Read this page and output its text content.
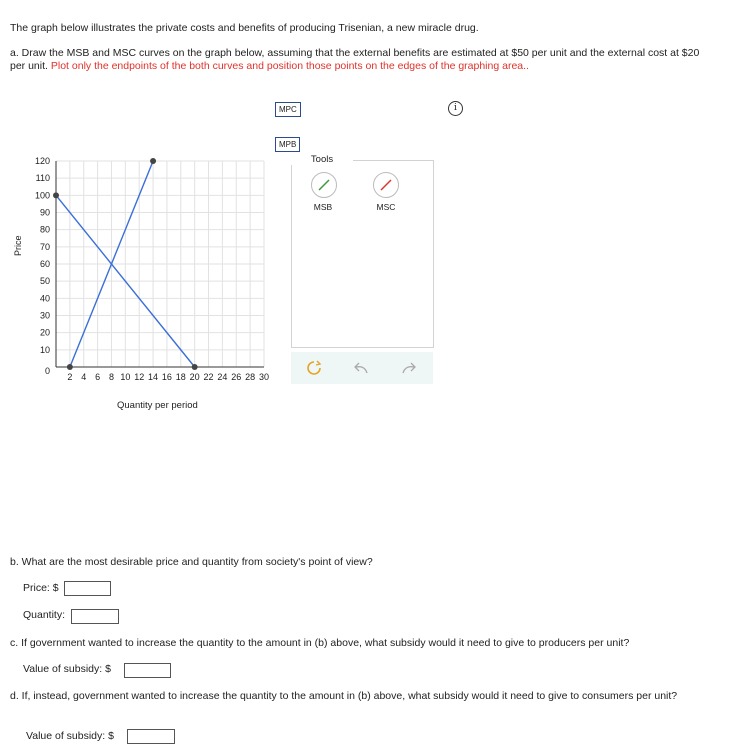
The graph below illustrates the private costs and benefits of producing Trisenian, a new miracle drug.
a. Draw the MSB and MSC curves on the graph below, assuming that the external benefits are estimated at $50 per unit and the external cost at $20 per unit. Plot only the endpoints of the both curves and position those points on the edges of the graphing area..
MPC
MPB
i
Price
120
110
100
90
80
70
60
50
40
30
20
10
0
2 4 6 8 10 12 14 16 18 20 22 24 26 28 30
Quantity per period
Tools
MSB	MSC
b. What are the most desirable price and quantity from society's point of view?
Price: $
Quantity:
c. If government wanted to increase the quantity to the amount in (b) above, what subsidy would it need to give to producers per unit?
Value of subsidy: $
d. If, instead, government wanted to increase the quantity to the amount in (b) above, what subsidy would it need to give to consumers per unit?
Value of subsidy: $
